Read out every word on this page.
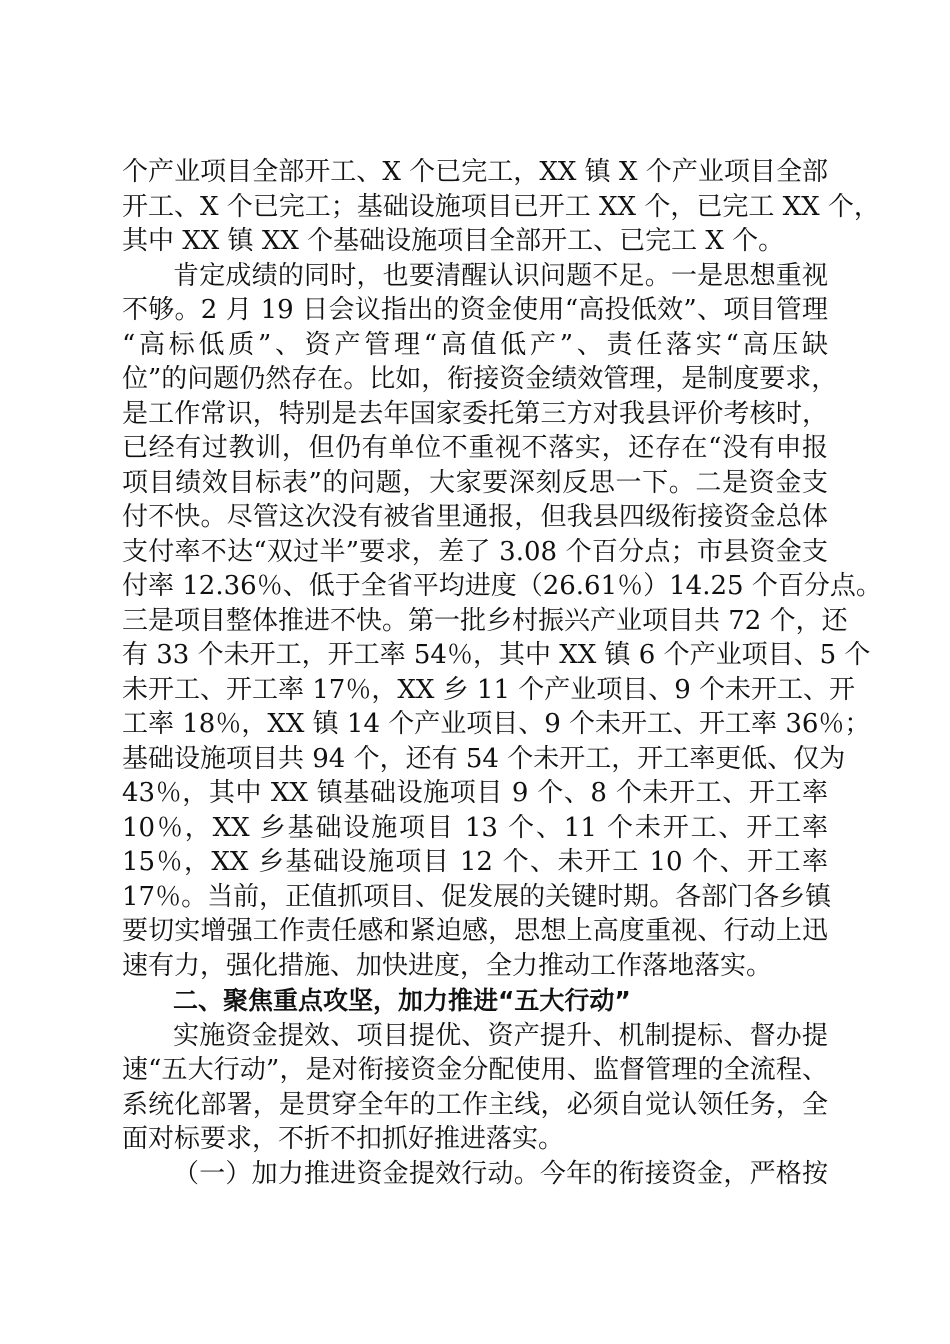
个产业项目全部开工、X 个已完工，XX 镇 X 个产业项目全部
开工、X 个已完工；基础设施项目已开工 XX 个，已完工 XX 个，
其中 XX 镇 XX 个基础设施项目全部开工、已完工 X 个。
肯定成绩的同时，也要清醒认识问题不足。一是思想重视
不够。2 月 19 日会议指出的资金使用“高投低效”、项目管理
“高标低质”、资产管理“高值低产”、责任落实“高压缺
位”的问题仍然存在。比如，衔接资金绩效管理，是制度要求，
是工作常识，特别是去年国家委托第三方对我县评价考核时，
已经有过教训，但仍有单位不重视不落实，还存在“没有申报
项目绩效目标表”的问题，大家要深刻反思一下。二是资金支
付不快。尽管这次没有被省里通报，但我县四级衔接资金总体
支付率不达“双过半”要求，差了 3.08 个百分点；市县资金支
付率 12.36％、低于全省平均进度（26.61％）14.25 个百分点。
三是项目整体推进不快。第一批乡村振兴产业项目共 72 个，还
有 33 个未开工，开工率 54％，其中 XX 镇 6 个产业项目、5 个
未开工、开工率 17％，XX 乡 11 个产业项目、9 个未开工、开
工率 18％，XX 镇 14 个产业项目、9 个未开工、开工率 36％；
基础设施项目共 94 个，还有 54 个未开工，开工率更低、仅为
43％，其中 XX 镇基础设施项目 9 个、8 个未开工、开工率
10％，XX 乡基础设施项目 13 个、11 个未开工、开工率
15％，XX 乡基础设施项目 12 个、未开工 10 个、开工率
17％。当前，正值抓项目、促发展的关键时期。各部门各乡镇
要切实增强工作责任感和紧迫感，思想上高度重视、行动上迅
速有力，强化措施、加快进度，全力推动工作落地落实。
二、聚焦重点攻坚，加力推进“五大行动”
实施资金提效、项目提优、资产提升、机制提标、督办提
速“五大行动”，是对衔接资金分配使用、监督管理的全流程、
系统化部署，是贯穿全年的工作主线，必须自觉认领任务，全
面对标要求，不折不扣抓好推进落实。
（一）加力推进资金提效行动。今年的衔接资金，严格按
